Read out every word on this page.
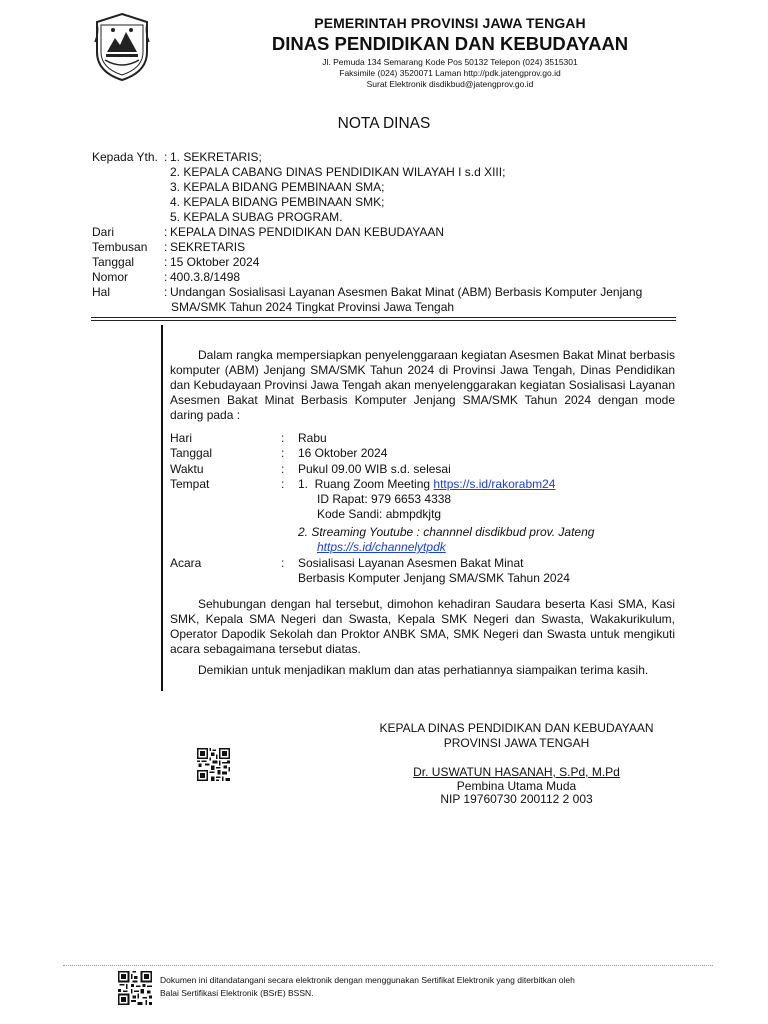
PEMERINTAH PROVINSI JAWA TENGAH
DINAS PENDIDIKAN DAN KEBUDAYAAN
Jl. Pemuda 134 Semarang Kode Pos 50132 Telepon (024) 3515301
Faksimile (024) 3520071 Laman http://pdk.jatengprov.go.id
Surat Elektronik disdikbud@jatengprov.go.id
NOTA DINAS
Kepada Yth. : 1. SEKRETARIS;
2. KEPALA CABANG DINAS PENDIDIKAN WILAYAH I s.d XIII;
3. KEPALA BIDANG PEMBINAAN SMA;
4. KEPALA BIDANG PEMBINAAN SMK;
5. KEPALA SUBAG PROGRAM.
Dari	: KEPALA DINAS PENDIDIKAN DAN KEBUDAYAAN
Tembusan : SEKRETARIS
Tanggal : 15 Oktober 2024
Nomor	: 400.3.8/1498
Hal	: Undangan Sosialisasi Layanan Asesmen Bakat Minat (ABM) Berbasis Komputer Jenjang
SMA/SMK Tahun 2024 Tingkat Provinsi Jawa Tengah

Dalam rangka mempersiapkan penyelenggaraan kegiatan Asesmen Bakat Minat berbasis komputer (ABM) Jenjang SMA/SMK Tahun 2024 di Provinsi Jawa Tengah, Dinas Pendidikan dan Kebudayaan Provinsi Jawa Tengah akan menyelenggarakan kegiatan Sosialisasi Layanan Asesmen Bakat Minat Berbasis Komputer Jenjang SMA/SMK Tahun 2024 dengan mode daring pada :

Hari	: Rabu
Tanggal	: 16 Oktober 2024
Waktu	: Pukul 09.00 WIB s.d. selesai
Tempat	: 1.  Ruang Zoom Meeting https://s.id/rakorabm24
ID Rapat: 979 6653 4338
Kode Sandi: abmpdkjtg
2. Streaming Youtube : channnel disdikbud prov. Jateng
https://s.id/channelytpdk
Acara	: Sosialisasi Layanan Asesmen Bakat Minat
Berbasis Komputer Jenjang SMA/SMK Tahun 2024

Sehubungan dengan hal tersebut, dimohon kehadiran Saudara beserta Kasi SMA, Kasi SMK, Kepala SMA Negeri dan Swasta, Kepala SMK Negeri dan Swasta, Wakakurikulum, Operator Dapodik Sekolah dan Proktor ANBK SMA, SMK Negeri dan Swasta untuk mengikuti acara sebagaimana tersebut diatas.

Demikian untuk menjadikan maklum dan atas perhatiannya siampaikan terima kasih.

KEPALA DINAS PENDIDIKAN DAN KEBUDAYAAN
PROVINSI JAWA TENGAH
Dr. USWATUN HASANAH, S.Pd, M.Pd
Pembina Utama Muda
NIP 19760730 200112 2 003
Dokumen ini ditandatangani secara elektronik dengan menggunakan Sertifikat Elektronik yang diterbitkan oleh
Balai Sertifikasi Elektronik (BSrE) BSSN.
